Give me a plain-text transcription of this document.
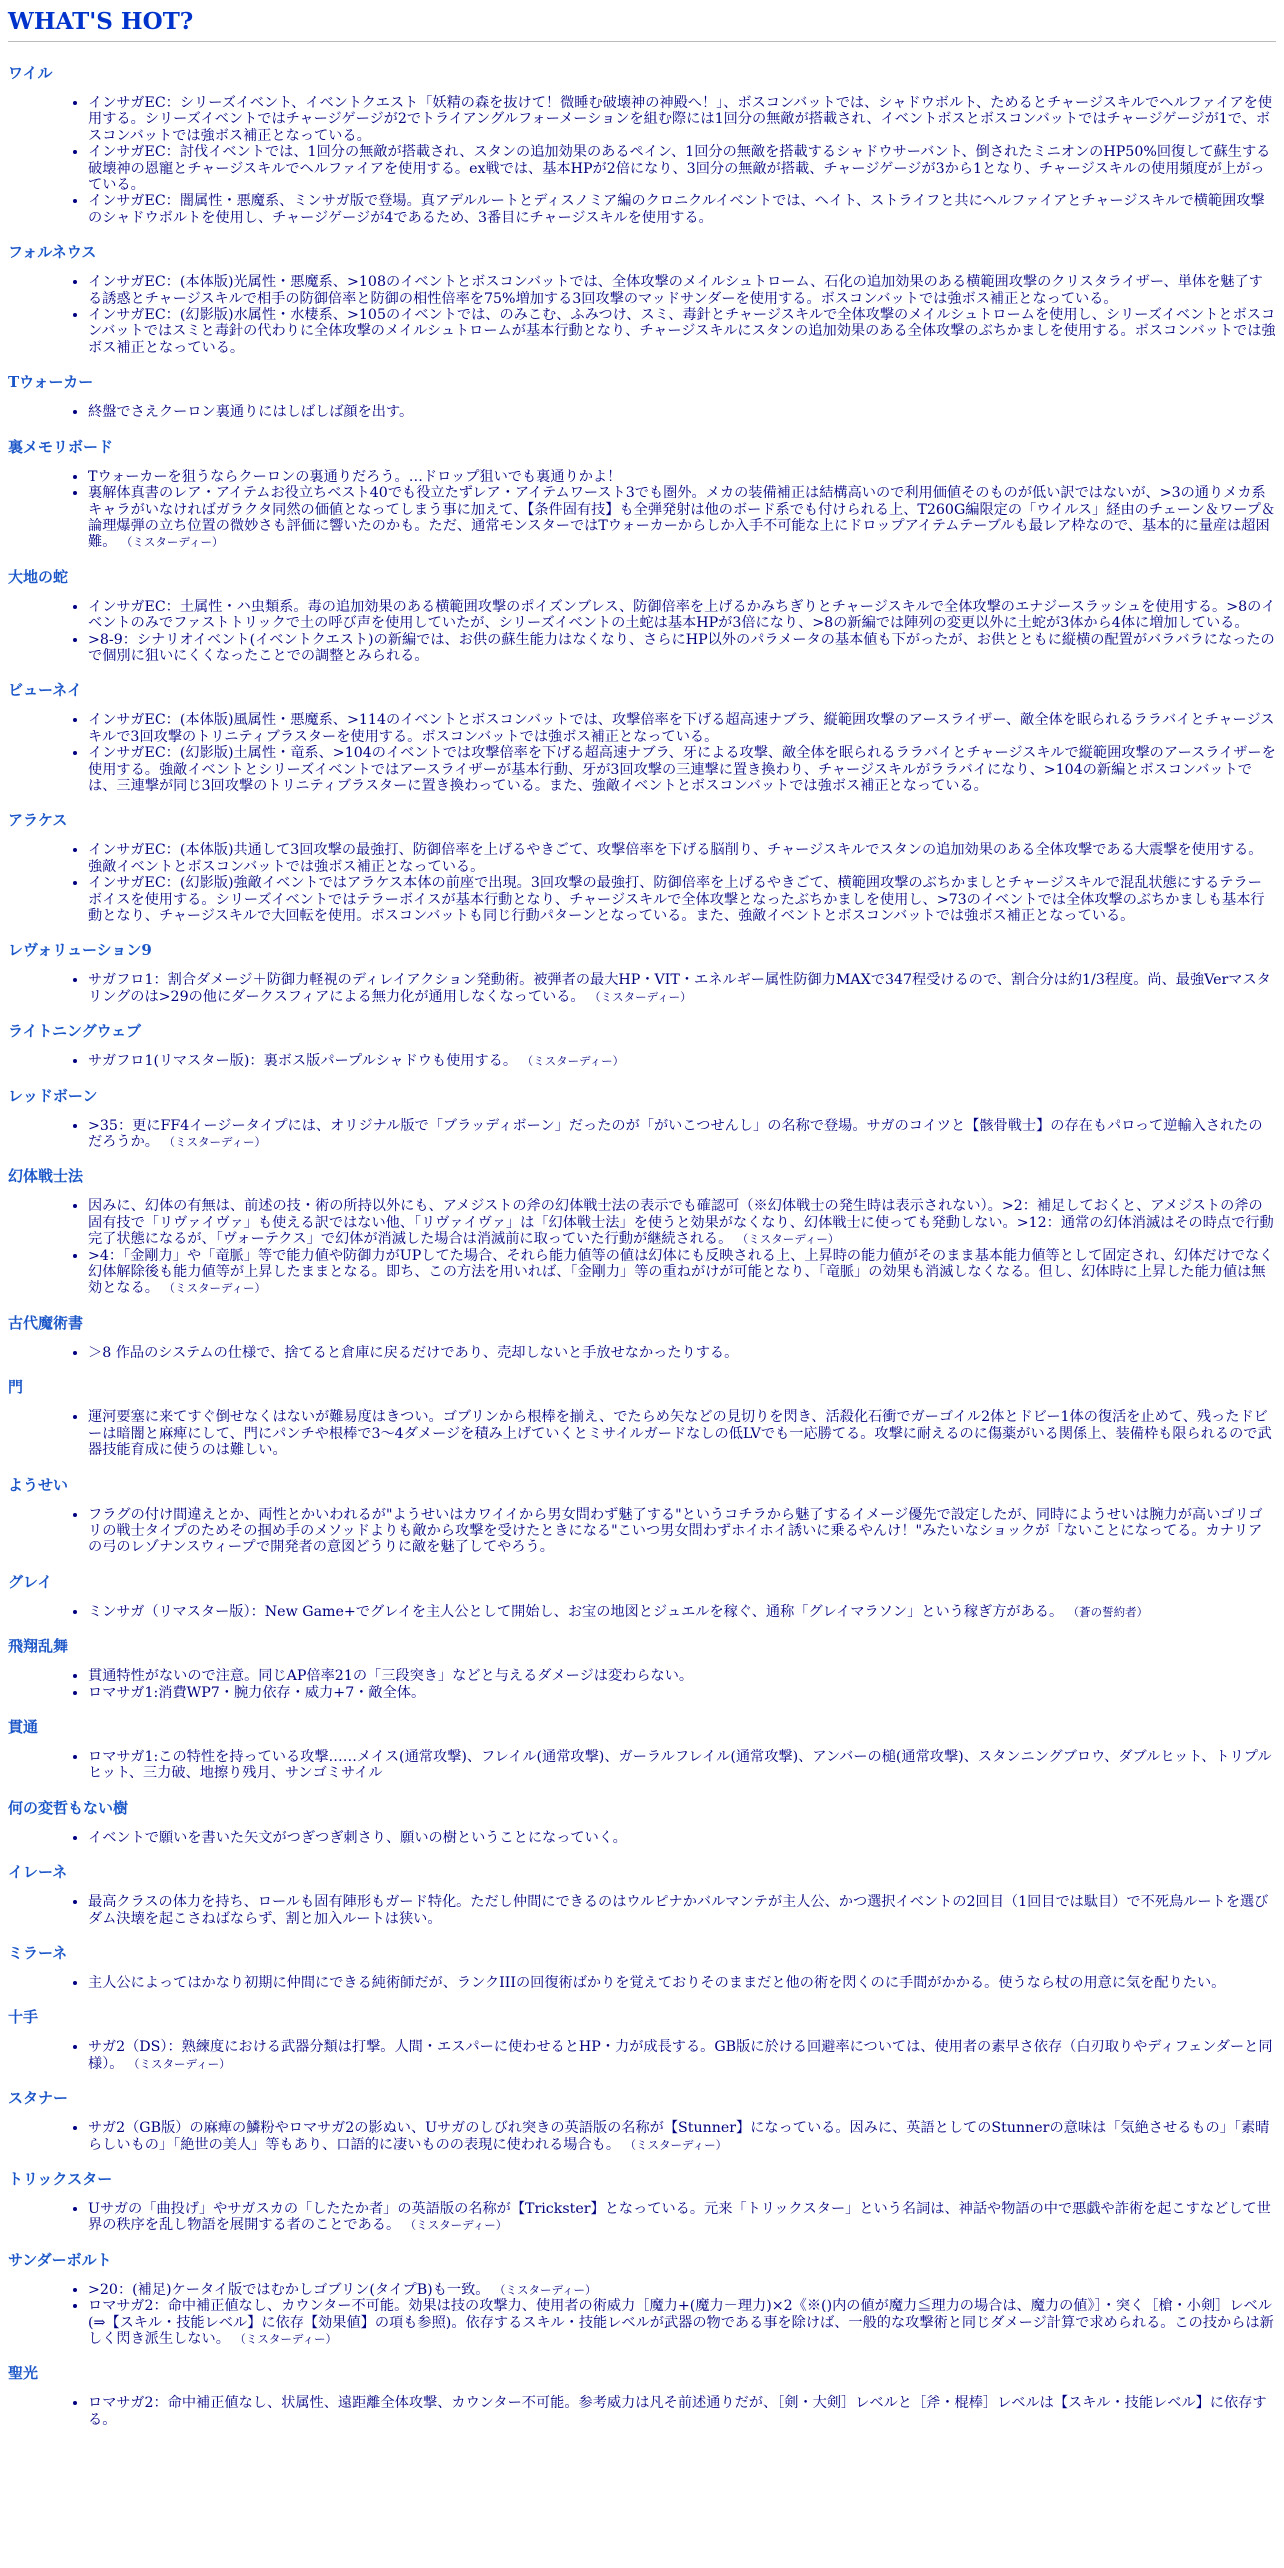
WHAT'S HOT?
ワイル
• インサガEC：シリーズイベント、イベントクエスト「妖精の森を抜けて！微睡む破壊神の神殿へ！」、ボスコンバットでは、シャドウボルト、ためるとチャージスキルでヘルファイアを使用する。シリーズイベントではチャージゲージが2でトライアングルフォーメーションを組む際には1回分の無敵が搭載され、イベントボスとボスコンバットではチャージゲージが1で、ボスコンバットでは強ボス補正となっている。
• インサガEC：討伐イベントでは、1回分の無敵が搭載され、スタンの追加効果のあるペイン、1回分の無敵を搭載するシャドウサーバント、倒されたミニオンのHP50%回復して蘇生する破壊神の恩寵とチャージスキルでヘルファイアを使用する。ex戦では、基本HPが2倍になり、3回分の無敵が搭載、チャージゲージが3から1となり、チャージスキルの使用頻度が上がっている。
• インサガEC：闇属性・悪魔系、ミンサガ版で登場。真アデルルートとディスノミア編のクロニクルイベントでは、ヘイト、ストライフと共にヘルファイアとチャージスキルで横範囲攻撃のシャドウボルトを使用し、チャージゲージが4であるため、3番目にチャージスキルを使用する。
フォルネウス
• インサガEC：(本体版)光属性・悪魔系、>108のイベントとボスコンバットでは、全体攻撃のメイルシュトローム、石化の追加効果のある横範囲攻撃のクリスタライザー、単体を魅了する誘惑とチャージスキルで相手の防御倍率と防御の相性倍率を75%増加する3回攻撃のマッドサンダーを使用する。ボスコンバットでは強ボス補正となっている。
• インサガEC：(幻影版)水属性・水棲系、>105のイベントでは、のみこむ、ふみつけ、スミ、毒針とチャージスキルで全体攻撃のメイルシュトロームを使用し、シリーズイベントとボスコンバットではスミと毒針の代わりに全体攻撃のメイルシュトロームが基本行動となり、チャージスキルにスタンの追加効果のある全体攻撃のぶちかましを使用する。ボスコンバットでは強ボス補正となっている。
Tウォーカー
• 終盤でさえクーロン裏通りにはしばしば顔を出す。
裏メモリボード
• Tウォーカーを狙うならクーロンの裏通りだろう。…ドロップ狙いでも裏通りかよ！
• 裏解体真書のレア・アイテムお役立ちベスト40でも役立たずレア・アイテムワースト3でも圏外。メカの装備補正は結構高いので利用価値そのものが低い訳ではないが、>3の通りメカ系キャラがいなければガラクタ同然の価値となってしまう事に加えて、【条件固有技】も全弾発射は他のボード系でも付けられる上、T260G編限定の「ウイルス」経由のチェーン＆ワープ＆論理爆弾の立ち位置の微妙さも評価に響いたのかも。ただ、通常モンスターではTウォーカーからしか入手不可能な上にドロップアイテムテーブルも最レア枠なので、基本的に量産は超困難。 （ミスターディー）
大地の蛇
• インサガEC：土属性・ハ虫類系。毒の追加効果のある横範囲攻撃のポイズンブレス、防御倍率を上げるかみちぎりとチャージスキルで全体攻撃のエナジースラッシュを使用する。>8のイベントのみでファストトリックで土の呼び声を使用していたが、シリーズイベントの土蛇は基本HPが3倍になり、>8の新編では陣列の変更以外に土蛇が3体から4体に増加している。
• >8-9：シナリオイベント(イベントクエスト)の新編では、お供の蘇生能力はなくなり、さらにHP以外のパラメータの基本値も下がったが、お供とともに縦横の配置がバラバラになったので個別に狙いにくくなったことでの調整とみられる。
ビューネイ
• インサガEC：(本体版)風属性・悪魔系、>114のイベントとボスコンバットでは、攻撃倍率を下げる超高速ナブラ、縦範囲攻撃のアースライザー、敵全体を眠られるララバイとチャージスキルで3回攻撃のトリニティブラスターを使用する。ボスコンバットでは強ボス補正となっている。
• インサガEC：(幻影版)土属性・竜系、>104のイベントでは攻撃倍率を下げる超高速ナブラ、牙による攻撃、敵全体を眠られるララバイとチャージスキルで縦範囲攻撃のアースライザーを使用する。強敵イベントとシリーズイベントではアースライザーが基本行動、牙が3回攻撃の三連撃に置き換わり、チャージスキルがララバイになり、>104の新編とボスコンバットでは、三連撃が同じ3回攻撃のトリニティブラスターに置き換わっている。また、強敵イベントとボスコンバットでは強ボス補正となっている。
アラケス
• インサガEC：(本体版)共通して3回攻撃の最強打、防御倍率を上げるやきごて、攻撃倍率を下げる脳削り、チャージスキルでスタンの追加効果のある全体攻撃である大震撃を使用する。強敵イベントとボスコンバットでは強ボス補正となっている。
• インサガEC：(幻影版)強敵イベントではアラケス本体の前座で出現。3回攻撃の最強打、防御倍率を上げるやきごて、横範囲攻撃のぶちかましとチャージスキルで混乱状態にするテラーボイスを使用する。シリーズイベントではテラーボイスが基本行動となり、チャージスキルで全体攻撃となったぶちかましを使用し、>73のイベントでは全体攻撃のぶちかましも基本行動となり、チャージスキルで大回転を使用。ボスコンバットも同じ行動パターンとなっている。また、強敵イベントとボスコンバットでは強ボス補正となっている。
レヴォリューション9
• サガフロ1：割合ダメージ＋防御力軽視のディレイアクション発動術。被弾者の最大HP・VIT・エネルギー属性防御力MAXで347程受けるので、割合分は約1/3程度。尚、最強Verマスタリングのは>29の他にダークスフィアによる無力化が通用しなくなっている。 （ミスターディー）
ライトニングウェブ
• サガフロ1(リマスター版)：裏ボス版パープルシャドウも使用する。 （ミスターディー）
レッドボーン
• >35：更にFF4イージータイプには、オリジナル版で「ブラッディボーン」だったのが「がいこつせんし」の名称で登場。サガのコイツと【骸骨戦士】の存在もパロって逆輸入されたのだろうか。 （ミスターディー）
幻体戦士法
• 因みに、幻体の有無は、前述の技・術の所持以外にも、アメジストの斧の幻体戦士法の表示でも確認可（※幻体戦士の発生時は表示されない）。>2：補足しておくと、アメジストの斧の固有技で「リヴァイヴァ」も使える訳ではない他、「リヴァイヴァ」は「幻体戦士法」を使うと効果がなくなり、幻体戦士に使っても発動しない。>12：通常の幻体消滅はその時点で行動完了状態になるが、「ヴォーテクス」で幻体が消滅した場合は消滅前に取っていた行動が継続される。 （ミスターディー）
• >4：「金剛力」や「竜脈」等で能力値や防御力がUPしてた場合、それら能力値等の値は幻体にも反映される上、上昇時の能力値がそのまま基本能力値等として固定され、幻体だけでなく幻体解除後も能力値等が上昇したままとなる。即ち、この方法を用いれば、「金剛力」等の重ねがけが可能となり、「竜脈」の効果も消滅しなくなる。但し、幻体時に上昇した能力値は無効となる。 （ミスターディー）
古代魔術書
• ＞8 作品のシステムの仕様で、捨てると倉庫に戻るだけであり、売却しないと手放せなかったりする。
門
• 運河要塞に来てすぐ倒せなくはないが難易度はきつい。ゴブリンから根棒を揃え、でたらめ矢などの見切りを閃き、活殺化石衝でガーゴイル2体とドビー1体の復活を止めて、残ったドビーは暗闇と麻痺にして、門にパンチや根棒で3〜4ダメージを積み上げていくとミサイルガードなしの低LVでも一応勝てる。攻撃に耐えるのに傷薬がいる関係上、装備枠も限られるので武器技能育成に使うのは難しい。
ようせい
• フラグの付け間違えとか、両性とかいわれるが"ようせいはカワイイから男女問わず魅了する"というコチラから魅了するイメージ優先で設定したが、同時にようせいは腕力が高いゴリゴリの戦士タイプのためその掴め手のメソッドよりも敵から攻撃を受けたときになる"こいつ男女問わずホイホイ誘いに乗るやんけ！"みたいなショックが「ないことになってる。カナリアの弓のレゾナンスウィープで開発者の意図どうりに敵を魅了してやろう。
グレイ
• ミンサガ（リマスター版）：New Game+でグレイを主人公として開始し、お宝の地図とジュエルを稼ぐ、通称「グレイマラソン」という稼ぎ方がある。 （蒼の誓約者）
飛翔乱舞
• 貫通特性がないので注意。同じAP倍率21の「三段突き」などと与えるダメージは変わらない。
• ロマサガ1:消費WP7・腕力依存・威力+7・敵全体。
貫通
• ロマサガ1:この特性を持っている攻撃……メイス(通常攻撃)、フレイル(通常攻撃)、ガーラルフレイル(通常攻撃)、アンバーの槌(通常攻撃)、スタンニングブロウ、ダブルヒット、トリプルヒット、三力破、地擦り残月、サンゴミサイル
何の変哲もない樹
• イベントで願いを書いた矢文がつぎつぎ刺さり、願いの樹ということになっていく。
イレーネ
• 最高クラスの体力を持ち、ロールも固有陣形もガード特化。ただし仲間にできるのはウルピナかバルマンテが主人公、かつ選択イベントの2回目（1回目では駄目）で不死鳥ルートを選びダム決壊を起こさねばならず、割と加入ルートは狭い。
ミラーネ
• 主人公によってはかなり初期に仲間にできる純術師だが、ランクIIIの回復術ばかりを覚えておりそのままだと他の術を閃くのに手間がかかる。使うなら杖の用意に気を配りたい。
十手
• サガ2（DS）：熟練度における武器分類は打撃。人間・エスパーに使わせるとHP・力が成長する。GB版に於ける回避率については、使用者の素早さ依存（白刃取りやディフェンダーと同様）。 （ミスターディー）
スタナー
• サガ2（GB版）の麻痺の鱗粉やロマサガ2の影ぬい、Uサガのしびれ突きの英語版の名称が【Stunner】になっている。因みに、英語としてのStunnerの意味は「気絶させるもの」「素晴らしいもの」「絶世の美人」等もあり、口語的に凄いものの表現に使われる場合も。 （ミスターディー）
トリックスター
• Uサガの「曲投げ」やサガスカの「したたか者」の英語版の名称が【Trickster】となっている。元来「トリックスター」という名詞は、神話や物語の中で悪戯や詐術を起こすなどして世界の秩序を乱し物語を展開する者のことである。 （ミスターディー）
サンダーボルト
• >20：(補足)ケータイ版ではむかしゴブリン(タイプB)も一致。 （ミスターディー）
• ロマサガ2：命中補正値なし、カウンター不可能。効果は技の攻撃力、使用者の術威力［魔力+(魔力－理力)×2《※()内の値が魔力≦理力の場合は、魔力の値》］・突く［槍・小剣］レベル(⇒【スキル・技能レベル】に依存【効果値】の項も参照)。依存するスキル・技能レベルが武器の物である事を除けば、一般的な攻撃術と同じダメージ計算で求められる。この技からは新しく閃き派生しない。 （ミスターディー）
聖光
• ロマサガ2：命中補正値なし、状属性、遠距離全体攻撃、カウンター不可能。参考威力は凡そ前述通りだが、［剣・大剣］レベルと［斧・棍棒］レベルは【スキル・技能レベル】に依存する。
